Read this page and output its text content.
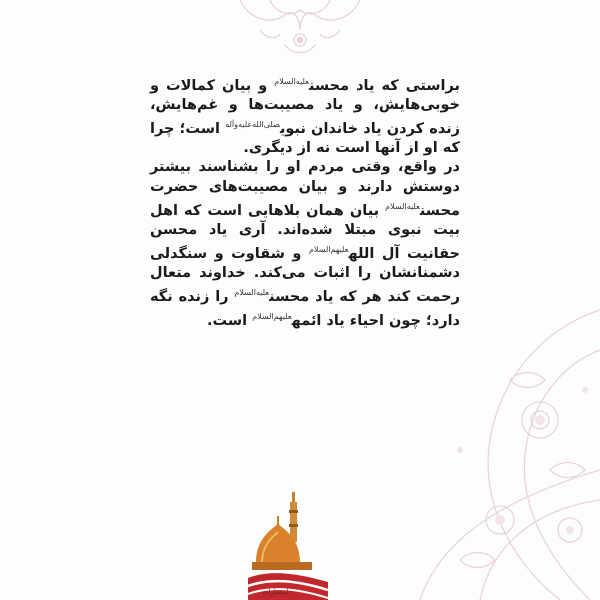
براستی که یاد محسن$^{علیه‌السلام}$ و بیان کمالات و خوبی‌هایش، و یاد مصیبت‌ها و غم‌هایش، زنده کردن یاد خاندان نبوی$^{صلی‌الله‌علیه‌وآله}$ است؛ چرا که او از آنها است نه از دیگری.

در واقع، وقتی مردم او را بشناسند بیشتر دوستش دارند و بیان مصیبت‌های حضرت محسن$^{علیه‌السلام}$ بیان همان بلاهایی است که اهل بیت نبوی مبتلا شده‌اند. آری یاد محسن حقانیت آل الله$^{علیهم‌السلام}$ و شقاوت و سنگدلی دشمنانشان را اثبات می‌کند. خداوند متعال رحمت کند هر که یاد محسن$^{علیه‌السلام}$ را زنده نگه دارد؛ چون احیاء یاد ائمه$^{علیهم‌السلام}$ است.

انتشارات
